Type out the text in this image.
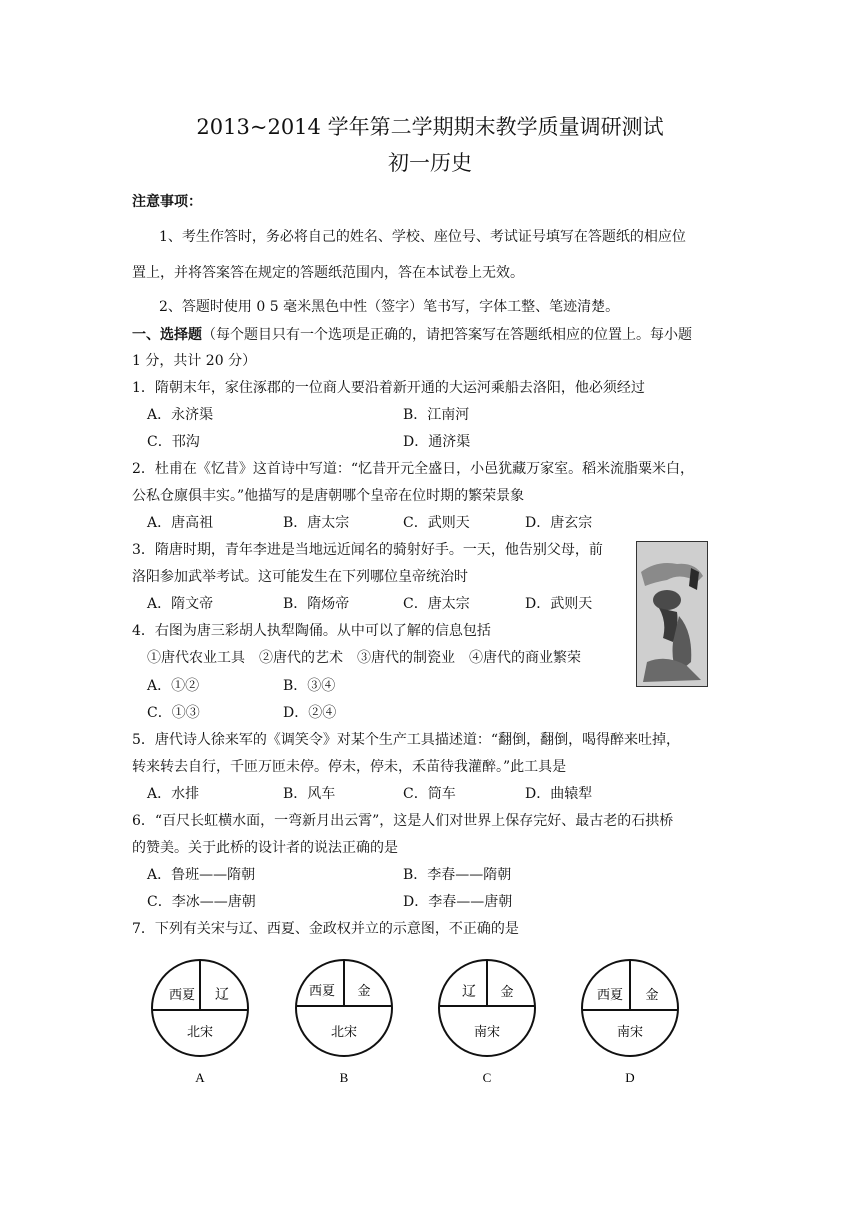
2013~2014 学年第二学期期末教学质量调研测试
初一历史
注意事项：
1、考生作答时，务必将自己的姓名、学校、座位号、考试证号填写在答题纸的相应位
置上，并将答案答在规定的答题纸范围内，答在本试卷上无效。
2、答题时使用 0 5 毫米黑色中性（签字）笔书写，字体工整、笔迹清楚。
一、选择题（每个题目只有一个选项是正确的，请把答案写在答题纸相应的位置上。每小题
1 分，共计 20 分）
1．隋朝末年，家住涿郡的一位商人要沿着新开通的大运河乘船去洛阳，他必须经过
A．永济渠	B．江南河
C．邗沟	D．通济渠
2．杜甫在《忆昔》这首诗中写道：“忆昔开元全盛日，小邑犹藏万家室。稻米流脂粟米白，
公私仓廪俱丰实。”他描写的是唐朝哪个皇帝在位时期的繁荣景象
A．唐高祖	B．唐太宗	C．武则天	D．唐玄宗
3．隋唐时期，青年李进是当地远近闻名的骑射好手。一天，他告别父母，前
洛阳参加武举考试。这可能发生在下列哪位皇帝统治时
A．隋文帝	B．隋炀帝	C．唐太宗	D．武则天
4．右图为唐三彩胡人执犁陶俑。从中可以了解的信息包括
①唐代农业工具　②唐代的艺术　③唐代的制瓷业　④唐代的商业繁荣
A．①②	B．③④
C．①③	D．②④
5．唐代诗人徐来军的《调笑令》对某个生产工具描述道：“翻倒，翻倒，喝得醉来吐掉，
转来转去自行，千匝万匝未停。停未，停未，禾苗待我灌醉。”此工具是
A．水排	B．风车	C．筒车	D．曲辕犁
6．“百尺长虹横水面，一弯新月出云霄”，这是人们对世界上保存完好、最古老的石拱桥
的赞美。关于此桥的设计者的说法正确的是
A．鲁班——隋朝	B．李春——隋朝
C．李冰——唐朝	D．李春——唐朝
7．下列有关宋与辽、西夏、金政权并立的示意图，不正确的是
西夏 辽
北宋
A
西夏 金
北宋
B
辽 金
南宋
C
西夏 金
南宋
D
